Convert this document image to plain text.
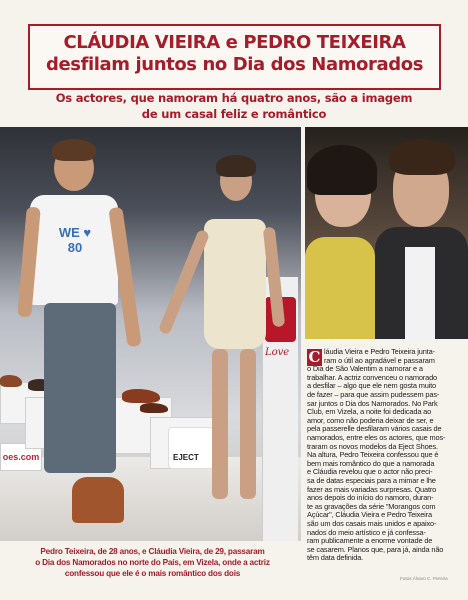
CLÁUDIA VIEIRA e PEDRO TEIXEIRA
desfilam juntos no Dia dos Namorados
Os actores, que namoram há quatro anos, são a imagem
de um casal feliz e romântico
Love
oes.com	EJECT
WE ♥ 80
Pedro Teixeira, de 28 anos, e Cláudia Vieira, de 29, passaram
o Dia dos Namorados no norte do País, em Vizela, onde a actriz
confessou que ele é o mais romântico dos dois
C láudia Vieira e Pedro Teixeira junta-
ram o útil ao agradável e passaram
o Dia de São Valentim a namorar e a
trabalhar. A actriz convenceu o namorado
a desfilar – algo que ele nem gosta muito
de fazer – para que assim pudessem pas-
sar juntos o Dia dos Namorados. No Park
Club, em Vizela, a noite foi dedicada ao
amor, como não poderia deixar de ser, e
pela passerelle desfilaram vários casais de
namorados, entre eles os actores, que mos-
traram os novos modelos da Eject Shoes.
Na altura, Pedro Teixeira confessou que é
bem mais romântico do que a namorada
e Cláudia revelou que o actor não preci-
sa de datas especiais para a mimar e lhe
fazer as mais variadas surpresas. Quatro
anos depois do início do namoro, duran-
te as gravações da série "Morangos com
Açúcar", Cláudia Vieira e Pedro Teixeira
são um dos casais mais unidos e apaixo-
nados do meio artístico e já confessa-
ram publicamente a enorme vontade de
se casarem. Planos que, para já, ainda não
têm data definida.
Fotos Álvaro C. Pereira
